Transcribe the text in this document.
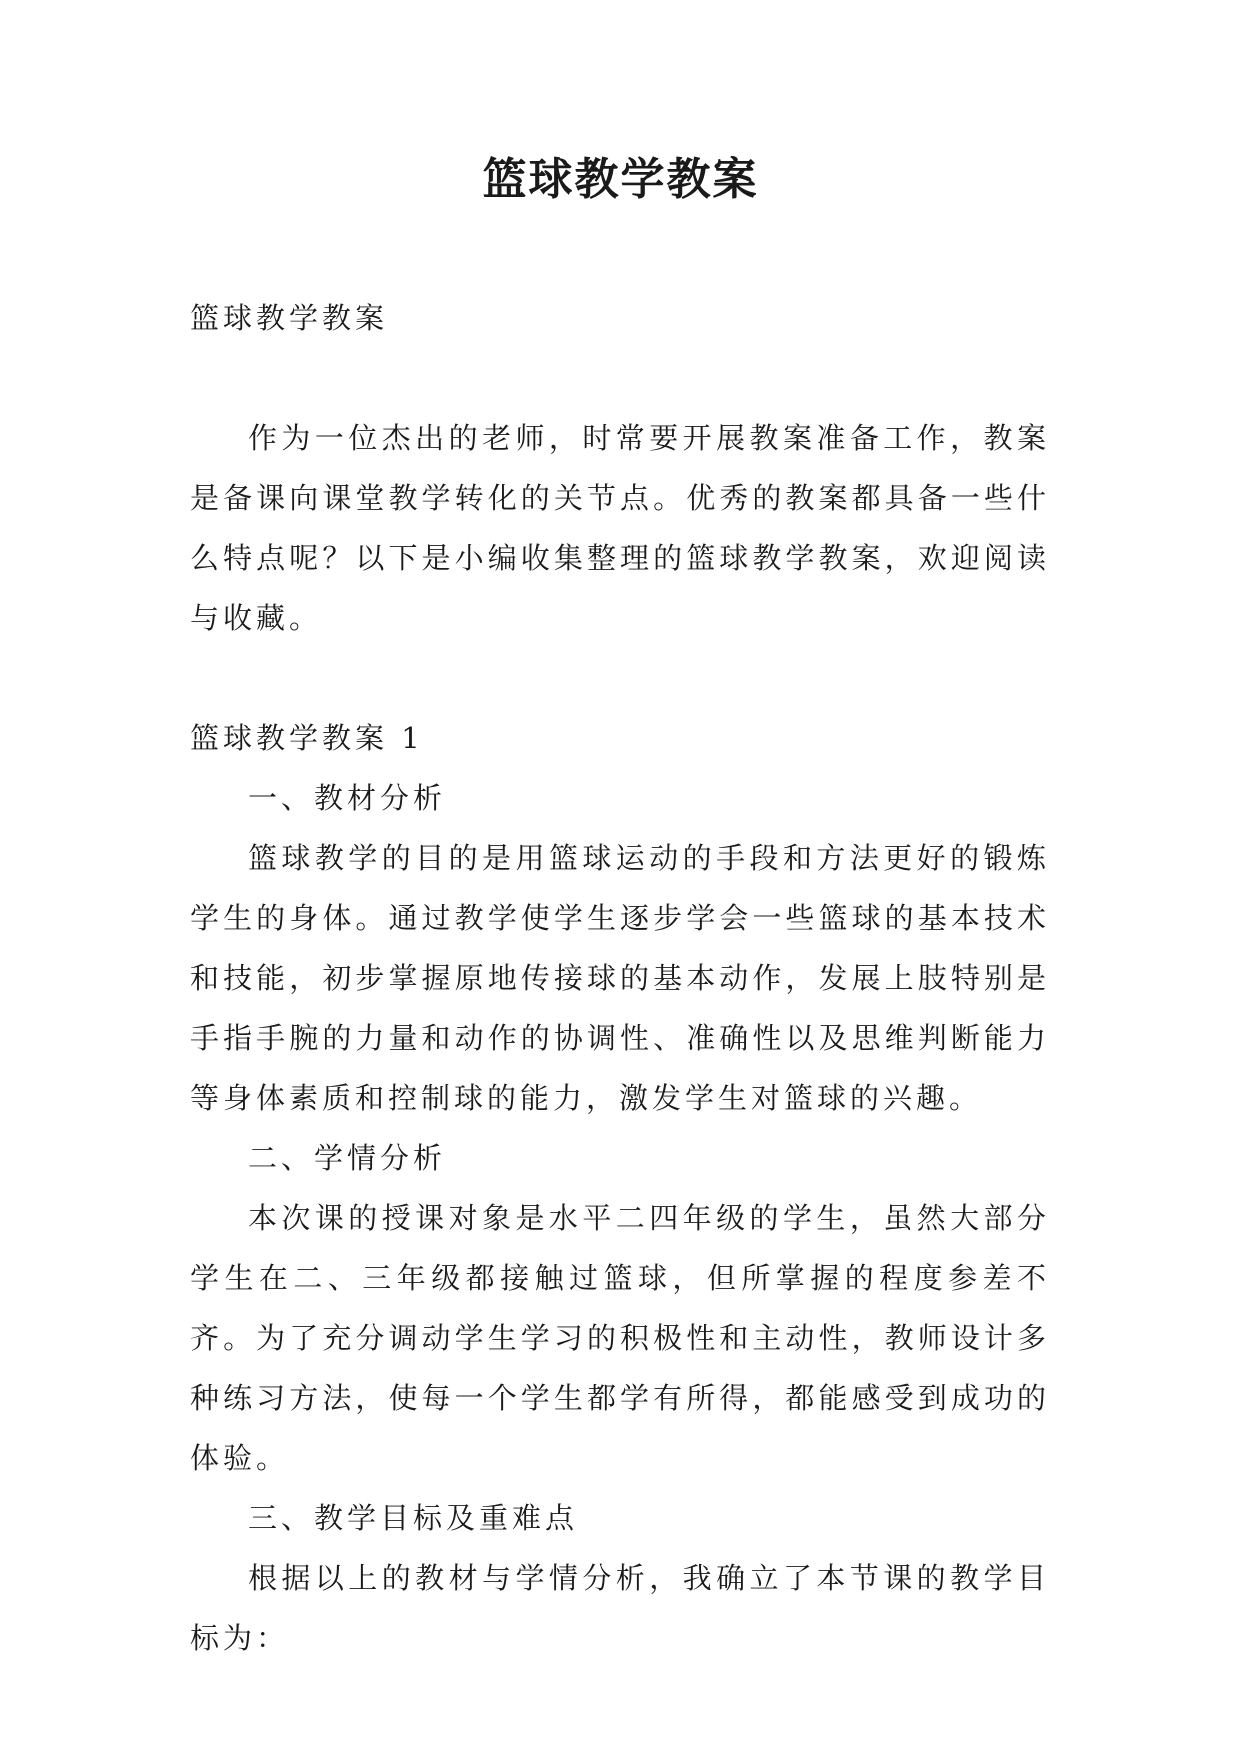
篮球教学教案

篮球教学教案

作为一位杰出的老师，时常要开展教案准备工作，教案是备课向课堂教学转化的关节点。优秀的教案都具备一些什么特点呢？以下是小编收集整理的篮球教学教案，欢迎阅读与收藏。

篮球教学教案 1

一、教材分析

篮球教学的目的是用篮球运动的手段和方法更好的锻炼学生的身体。通过教学使学生逐步学会一些篮球的基本技术和技能，初步掌握原地传接球的基本动作，发展上肢特别是手指手腕的力量和动作的协调性、准确性以及思维判断能力等身体素质和控制球的能力，激发学生对篮球的兴趣。

二、学情分析

本次课的授课对象是水平二四年级的学生，虽然大部分学生在二、三年级都接触过篮球，但所掌握的程度参差不齐。为了充分调动学生学习的积极性和主动性，教师设计多种练习方法，使每一个学生都学有所得，都能感受到成功的体验。

三、教学目标及重难点

根据以上的教材与学情分析，我确立了本节课的教学目标为：
